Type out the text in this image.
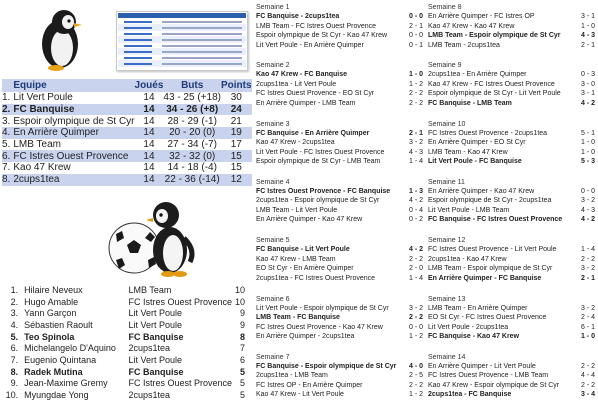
	Equipe	Joués	Buts	Points
1.	Lit Vert Poule	14	43 - 25 (+18)	30
2.	FC Banquise	14	34 - 26 (+8)	24
3.	Espoir olympique de St Cyr	14	28 - 29 (-1)	21
4.	En Arrière Quimper	14	20 - 20 (0)	19
5.	LMB Team	14	27 - 34 (-7)	17
6.	FC Istres Ouest Provence	14	32 - 32 (0)	15
7.	Kao 47 Krew	14	14 - 18 (-4)	15
8.	2cups1tea	14	22 - 36 (-14)	12
1.	Hilaire Neveux	LMB Team	10
2.	Hugo Amable	FC Istres Ouest Provence	10
3.	Yann Garçon	Lit Vert Poule	9
4.	Sébastien Raoult	Lit Vert Poule	9
5.	Teo Spinola	FC Banquise	8
6.	Michelangelo D'Aquino	2cups1tea	7
7.	Eugenio Quintana	Lit Vert Poule	6
8.	Radek Mutina	FC Banquise	5
9.	Jean-Maxime Gremy	FC Istres Ouest Provence	5
10.	Myungdae Yong	2cups1tea	5
Semaine 1
FC Banquise - 2cups1tea	0 - 0
LMB Team - FC Istres Ouest Provence	2 - 1
Espoir olympique de St Cyr - Kao 47 Krew	0 - 0
Lit Vert Poule - En Arrière Quimper	0 - 1
Semaine 2
Kao 47 Krew - FC Banquise	1 - 0
2cups1tea - Lit Vert Poule	1 - 2
FC Istres Ouest Provence - EO St Cyr	2 - 2
En Arrière Quimper - LMB Team	2 - 2
Semaine 3
FC Banquise - En Arrière Quimper	2 - 1
Kao 47 Krew - 2cups1tea	3 - 2
Lit Vert Poule - FC Istres Ouest Provence	4 - 3
Espoir olympique de St Cyr - LMB Team	1 - 4
Semaine 4
FC Istres Ouest Provence - FC Banquise	1 - 3
2cups1tea - Espoir olympique de St Cyr	4 - 2
LMB Team - Lit Vert Poule	0 - 4
En Arrière Quimper - Kao 47 Krew	0 - 2
Semaine 5
FC Banquise - Lit Vert Poule	4 - 2
Kao 47 Krew - LMB Team	2 - 2
EO St Cyr - En Arrière Quimper	2 - 0
2cups1tea - FC Istres Ouest Provence	1 - 4
Semaine 6
Lit Vert Poule - Espoir olympique de St Cyr	3 - 2
LMB Team - FC Banquise	2 - 2
FC Istres Ouest Provence - Kao 47 Krew	0 - 0
En Arrière Quimper - 2cups1tea	1 - 2
Semaine 7
FC Banquise - Espoir olympique de St Cyr 4 - 0
2cups1tea - LMB Team	2 - 5
FC Istres OP - En Arrière Quimper	2 - 2
Kao 47 Krew - Lit Vert Poule	1 - 2
Semaine 8
En Arrière Quimper - FC Istres OP	3 - 1
Kao 47 Krew - Kao 47 Krew	1 - 0
LMB Team - Espoir olympique de St Cyr	4 - 3
LMB Team - 2cups1tea	2 - 1
Semaine 9
2cups1tea - En Arrière Quimper	0 - 3
Kao 47 Krew - FC Istres Ouest Provence	3 - 0
Espoir olympique de St Cyr - Lit Vert Poule	3 - 1
FC Banquise - LMB Team	4 - 2
Semaine 10
FC Istres Ouest Provence - 2cups1tea	5 - 1
En Arrière Quimper - EO St Cyr	1 - 0
LMB Team - Kao 47 Krew	1 - 0
Lit Vert Poule - FC Banquise	5 - 3
Semaine 11
En Arrière Quimper - Kao 47 Krew	0 - 0
Espoir olympique de St Cyr - 2cups1tea	3 - 2
Lit Vert Poule - LMB Team	4 - 3
FC Banquise - FC Istres Ouest Provence	4 - 2
Semaine 12
FC Istres Ouest Provence - Lit Vert Poule	1 - 4
2cups1tea - Kao 47 Krew	2 - 2
LMB Team - Espoir olympique de St Cyr	3 - 2
En Arrière Quimper - FC Banquise	2 - 1
Semaine 13
LMB Team - En Arrière Quimper	3 - 2
EO St Cyr - FC Istres Ouest Provence	2 - 4
Lit Vert Poule - 2cups1tea	6 - 1
FC Banquise - Kao 47 Krew	1 - 0
Semaine 14
En Arrière Quimper - Lit Vert Poule	2 - 2
FC Istres Ouest Provence - LMB Team	4 - 4
Kao 47 Krew - Espoir olympique de St Cyr	2 - 2
2cups1tea - FC Banquise	3 - 4
